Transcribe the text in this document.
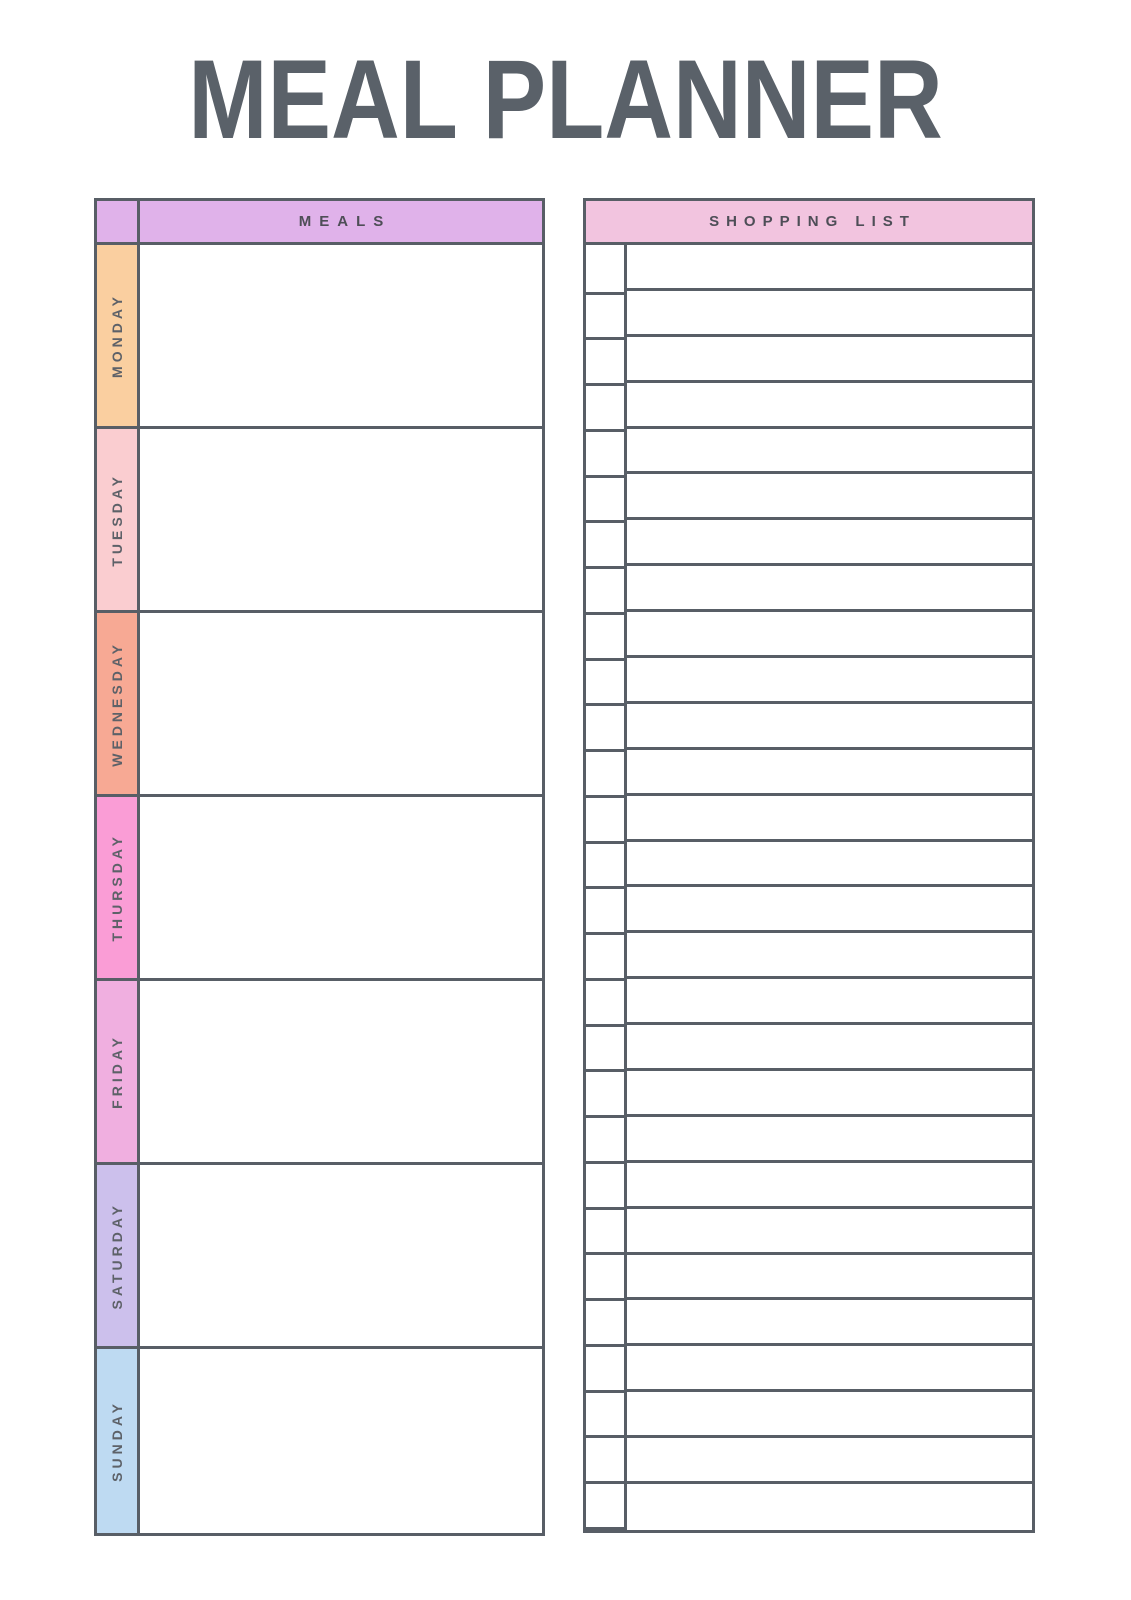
MEAL PLANNER
MEALS
MONDAY
TUESDAY
WEDNESDAY
THURSDAY
FRIDAY
SATURDAY
SUNDAY
SHOPPING LIST
